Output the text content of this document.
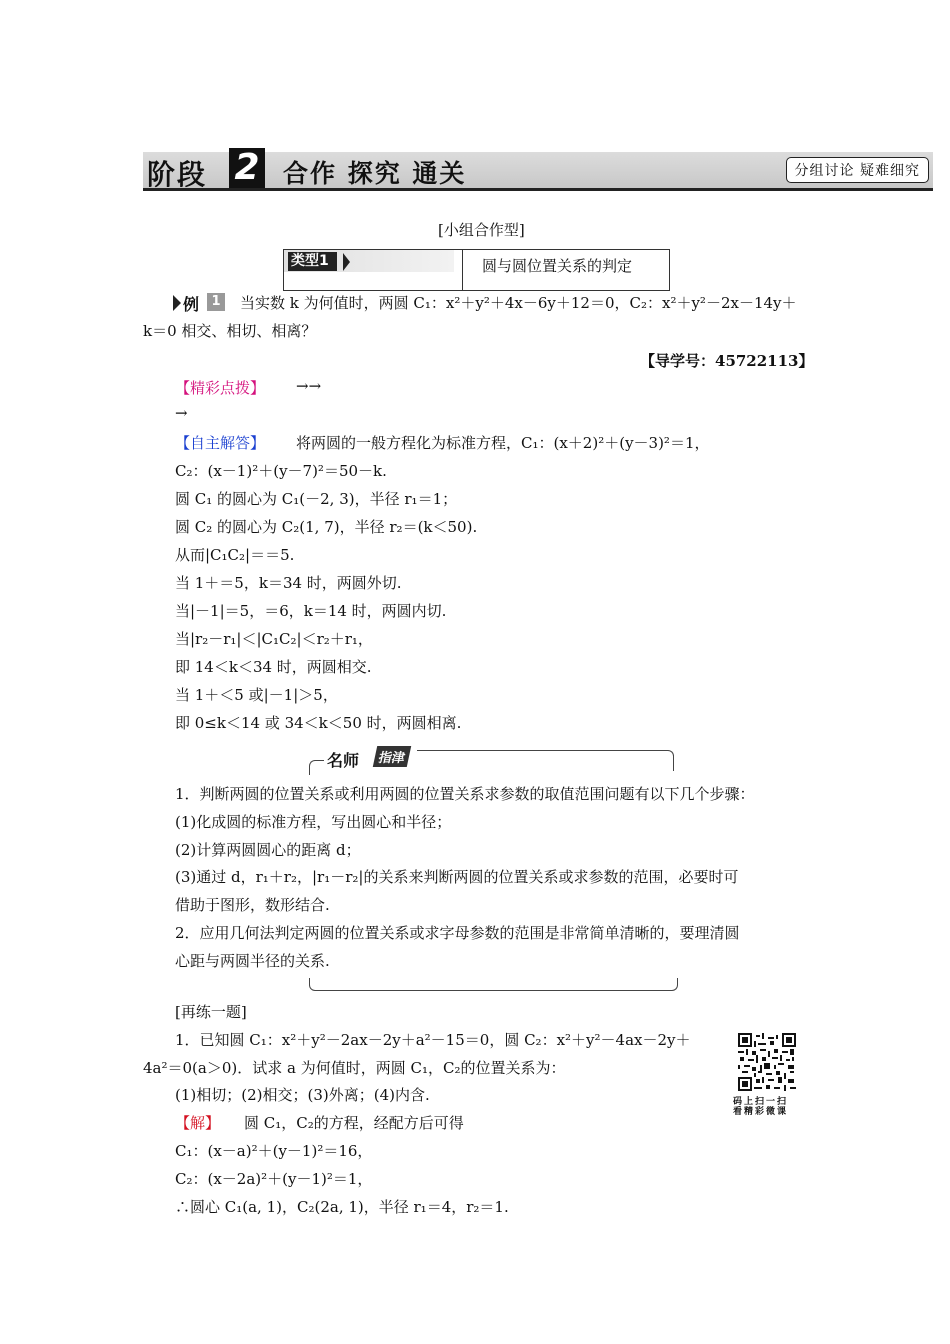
阶段 2 合作 探究 通关	分组讨论 疑难细究
[小组合作型]
类型1	圆与圆位置关系的判定
例 1 当实数 k 为何值时，两圆 C₁：x²＋y²＋4x－6y＋12＝0，C₂：x²＋y²－2x－14y＋
k＝0 相交、相切、相离？
【导学号：45722113】
【精彩点拨】 →→
→
【自主解答】 将两圆的一般方程化为标准方程，C₁：(x＋2)²＋(y－3)²＝1，
C₂：(x－1)²＋(y－7)²＝50－k.
圆 C₁ 的圆心为 C₁(－2, 3)，半径 r₁＝1；
圆 C₂ 的圆心为 C₂(1, 7)，半径 r₂＝(k＜50).
从而|C₁C₂|＝＝5.
当 1＋＝5，k＝34 时，两圆外切.
当|－1|＝5，＝6，k＝14 时，两圆内切.
当|r₂－r₁|＜|C₁C₂|＜r₂＋r₁，
即 14＜k＜34 时，两圆相交.
当 1＋＜5 或|－1|＞5，
即 0≤k＜14 或 34＜k＜50 时，两圆相离.
名师	指津
1．判断两圆的位置关系或利用两圆的位置关系求参数的取值范围问题有以下几个步骤：
(1)化成圆的标准方程，写出圆心和半径；
(2)计算两圆圆心的距离 d；
(3)通过 d，r₁＋r₂，|r₁－r₂|的关系来判断两圆的位置关系或求参数的范围，必要时可
借助于图形，数形结合.
2．应用几何法判定两圆的位置关系或求字母参数的范围是非常简单清晰的，要理清圆
心距与两圆半径的关系.
[再练一题]
1．已知圆 C₁：x²＋y²－2ax－2y＋a²－15＝0，圆 C₂：x²＋y²－4ax－2y＋
4a²＝0(a＞0)．试求 a 为何值时，两圆 C₁，C₂的位置关系为：
(1)相切；(2)相交；(3)外离；(4)内含.
【解】 圆 C₁，C₂的方程，经配方后可得
C₁：(x－a)²＋(y－1)²＝16，
C₂：(x－2a)²＋(y－1)²＝1，
∴圆心 C₁(a, 1)，C₂(2a, 1)，半径 r₁＝4，r₂＝1.
码上扫一扫
看精彩微课
